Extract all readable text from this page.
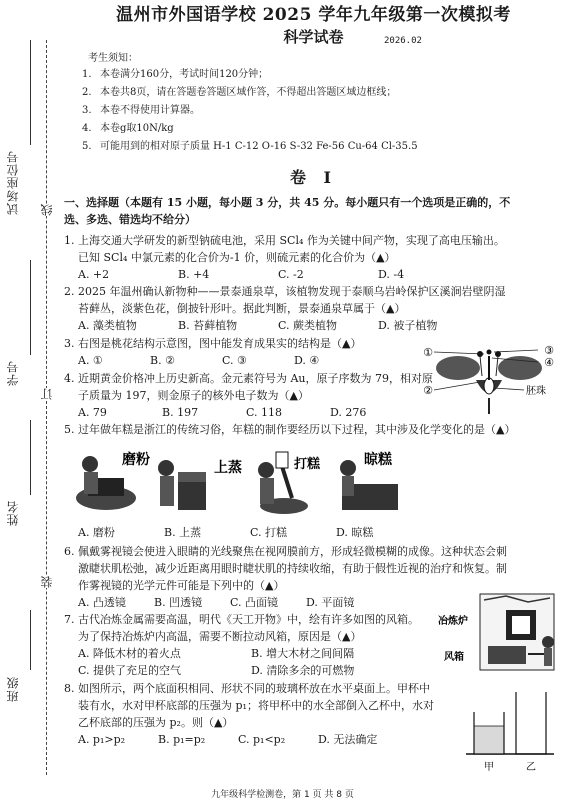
试场座位号 线
学号
订
姓名
装
班级
温州市外国语学校 2025 学年九年级第一次模拟考
科学试卷	2026.02
考生须知：
1. 本卷满分160分，考试时间120分钟；
2. 本卷共8页，请在答题卷答题区域作答，不得超出答题区域边框线；
3. 本卷不得使用计算器。
4. 本卷g取10N/kg
5. 可能用到的相对原子质量 H-1 C-12 O-16 S-32 Fe-56 Cu-64 Cl-35.5
卷 I
一、选择题（本题有 15 小题，每小题 3 分，共 45 分。每小题只有一个选项是正确的，不
选、多选、错选均不给分）
1. 上海交通大学研发的新型钠硫电池，采用 SCl₄ 作为关键中间产物，实现了高电压输出。
已知 SCl₄ 中氯元素的化合价为-1 价，则硫元素的化合价为（▲）
A. +2	B. +4	C. -2	D. -4
2. 2025 年温州确认新物种——景泰通泉草，该植物发现于泰顺乌岩岭保护区溪涧岩壁阴湿
苔藓丛，淡紫色花，倒披针形叶。据此判断，景泰通泉草属于（▲）
A. 藻类植物	B. 苔藓植物	C. 蕨类植物	D. 被子植物
3. 右图是桃花结构示意图，图中能发育成果实的结构是（▲）
A. ①	B. ②	C. ③	D. ④
①
②
③
④
胚珠
4. 近期黄金价格冲上历史新高。金元素符号为 Au，原子序数为 79，相对原
子质量为 197，则金原子的核外电子数为（▲）
A. 79	B. 197	C. 118	D. 276
5. 过年做年糕是浙江的传统习俗，年糕的制作要经历以下过程，其中涉及化学变化的是（▲）
磨粉	上蒸	打糕	晾糕
A. 磨粉	B. 上蒸	C. 打糕	D. 晾糕
6. 佩戴雾视镜会使进入眼睛的光线聚焦在视网膜前方，形成轻微模糊的成像。这种状态会刺
激睫状肌松弛，减少近距离用眼时睫状肌的持续收缩，有助于假性近视的治疗和恢复。制
作雾视镜的光学元件可能是下列中的（▲）
A. 凸透镜	B. 凹透镜	C. 凸面镜	D. 平面镜
7. 古代冶炼金属需要高温，明代《天工开物》中，绘有许多如图的风箱。
为了保持冶炼炉内高温，需要不断拉动风箱，原因是（▲）
A. 降低木材的着火点	B. 增大木材之间间隔
C. 提供了充足的空气	D. 清除多余的可燃物
冶炼炉
风箱
8. 如图所示，两个底面积相同、形状不同的玻璃杯放在水平桌面上。甲杯中
装有水，水对甲杯底部的压强为 p₁；将甲杯中的水全部倒入乙杯中，水对
乙杯底部的压强为 p₂。则（▲）
A. p₁>p₂	B. p₁=p₂	C. p₁<p₂	D. 无法确定
甲	乙
九年级科学检测卷，第 1 页 共 8 页
